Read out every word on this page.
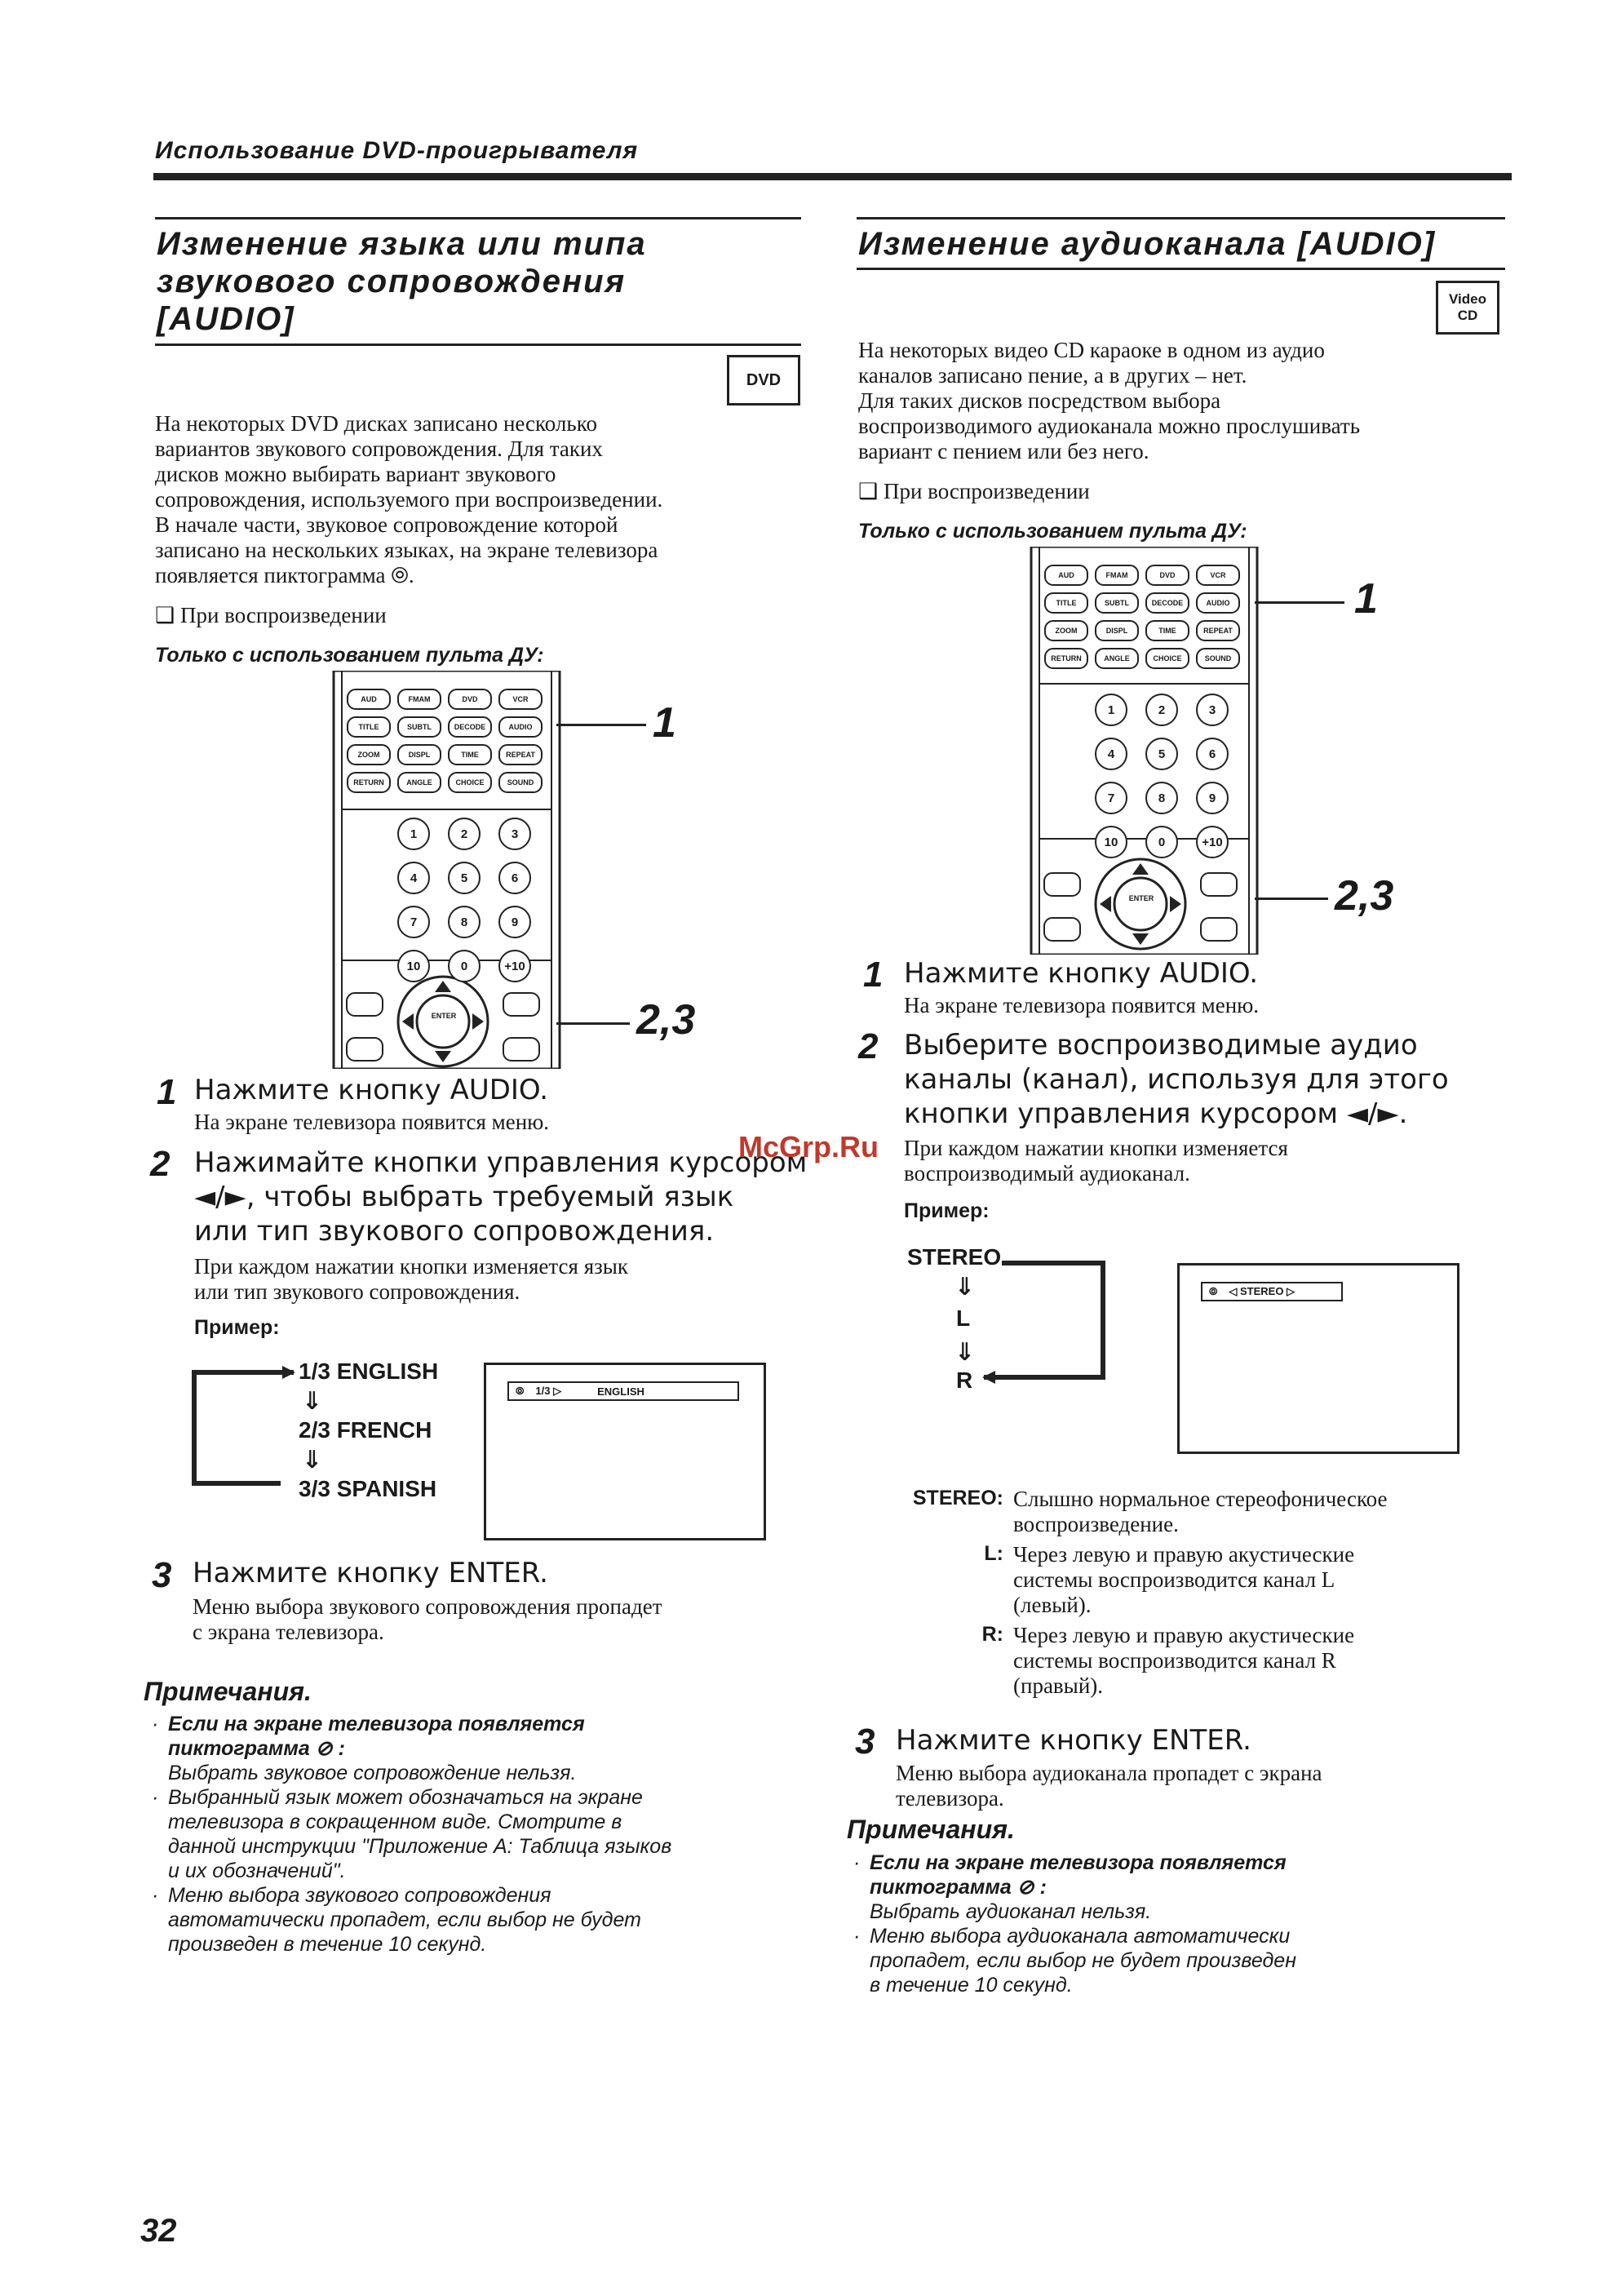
Использование DVD-проигрывателя
Изменение языка или типа
звукового сопровождения
[AUDIO]
DVD
На некоторых DVD дисках записано несколько
вариантов звукового сопровождения. Для таких
дисков можно выбирать вариант звукового
сопровождения, используемого при воспроизведении.
В начале части, звуковое сопровождение которой
записано на нескольких языках, на экране телевизора
появляется пиктограмма ⦾.
❑ При воспроизведении
Только с использованием пульта ДУ:
AUD	FMAM	DVD	VCR
TITLE	SUBTL	DECODE	AUDIO
ZOOM	DISPL	TIME	REPEAT
RETURN	ANGLE	CHOICE	SOUND
1	2	3
4	5	6
7	8	9
10	0	+10
ENTER
1
2,3
1 Нажмите кнопку AUDIO.
На экране телевизора появится меню.
2 Нажимайте кнопки управления курсором
◄/►, чтобы выбрать требуемый язык
или тип звукового сопровождения.
При каждом нажатии кнопки изменяется язык
или тип звукового сопровождения.
Пример:
1/3 ENGLISH
⇓
2/3 FRENCH
⇓
3/3 SPANISH
⦾ 1/3 ▷	ENGLISH
3 Нажмите кнопку ENTER.
Меню выбора звукового сопровождения пропадет
с экрана телевизора.
Примечания.
· Если на экране телевизора появляется
пиктограмма ⊘ :
Выбрать звуковое сопровождение нельзя.
· Выбранный язык может обозначаться на экране
телевизора в сокращенном виде. Смотрите в
данной инструкции "Приложение А: Таблица языков
и их обозначений".
· Меню выбора звукового сопровождения
автоматически пропадет, если выбор не будет
произведен в течение 10 секунд.
Изменение аудиоканала [AUDIO]
Video CD
На некоторых видео CD караоке в одном из аудио
каналов записано пение, а в других – нет.
Для таких дисков посредством выбора
воспроизводимого аудиоканала можно прослушивать
вариант с пением или без него.
❑ При воспроизведении
Только с использованием пульта ДУ:
AUD	FMAM	DVD	VCR
TITLE	SUBTL	DECODE	AUDIO
ZOOM	DISPL	TIME	REPEAT
RETURN	ANGLE	CHOICE	SOUND
1	2	3
4	5	6
7	8	9
10	0	+10
ENTER
1
2,3
1 Нажмите кнопку AUDIO.
На экране телевизора появится меню.
2 Выберите воспроизводимые аудио
каналы (канал), используя для этого
кнопки управления курсором ◄/►.
При каждом нажатии кнопки изменяется
воспроизводимый аудиоканал.
Пример:
STEREO
⇓
L
⇓
R
⦾ ◁ STEREO ▷
STEREO: Слышно нормальное стереофоническое
воспроизведение.
L: Через левую и правую акустические
системы воспроизводится канал L
(левый).
R: Через левую и правую акустические
системы воспроизводится канал R
(правый).
3 Нажмите кнопку ENTER.
Меню выбора аудиоканала пропадет с экрана
телевизора.
Примечания.
· Если на экране телевизора появляется
пиктограмма ⊘ :
Выбрать аудиоканал нельзя.
· Меню выбора аудиоканала автоматически
пропадет, если выбор не будет произведен
в течение 10 секунд.
McGrp.Ru
32
